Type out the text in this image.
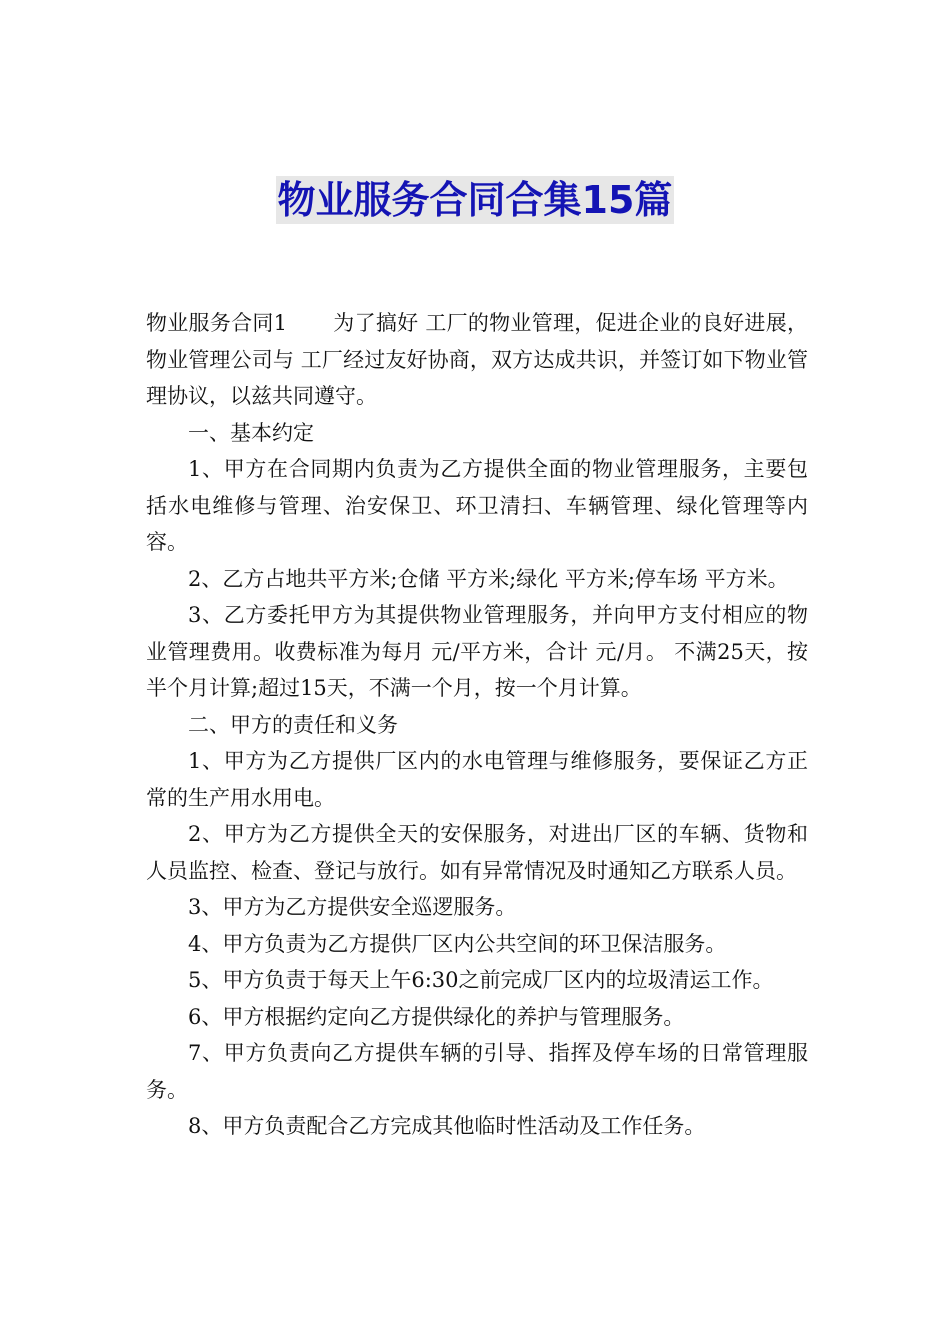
物业服务合同合集15篇

物业服务合同1 为了搞好 工厂的物业管理，促进企业的良好进展， 物业管理公司与 工厂经过友好协商，双方达成共识，并签订如下物业管理协议，以兹共同遵守。

一、基本约定

1、甲方在合同期内负责为乙方提供全面的物业管理服务，主要包括水电维修与管理、治安保卫、环卫清扫、车辆管理、绿化管理等内容。

2、乙方占地共平方米;仓储 平方米;绿化 平方米;停车场 平方米。

3、乙方委托甲方为其提供物业管理服务，并向甲方支付相应的物业管理费用。收费标准为每月 元/平方米，合计 元/月。 不满25天，按半个月计算;超过15天，不满一个月，按一个月计算。

二、甲方的责任和义务

1、甲方为乙方提供厂区内的水电管理与维修服务，要保证乙方正常的生产用水用电。

2、甲方为乙方提供全天的安保服务，对进出厂区的车辆、货物和人员监控、检查、登记与放行。如有异常情况及时通知乙方联系人员。

3、甲方为乙方提供安全巡逻服务。

4、甲方负责为乙方提供厂区内公共空间的环卫保洁服务。

5、甲方负责于每天上午6:30之前完成厂区内的垃圾清运工作。

6、甲方根据约定向乙方提供绿化的养护与管理服务。

7、甲方负责向乙方提供车辆的引导、指挥及停车场的日常管理服务。

8、甲方负责配合乙方完成其他临时性活动及工作任务。
